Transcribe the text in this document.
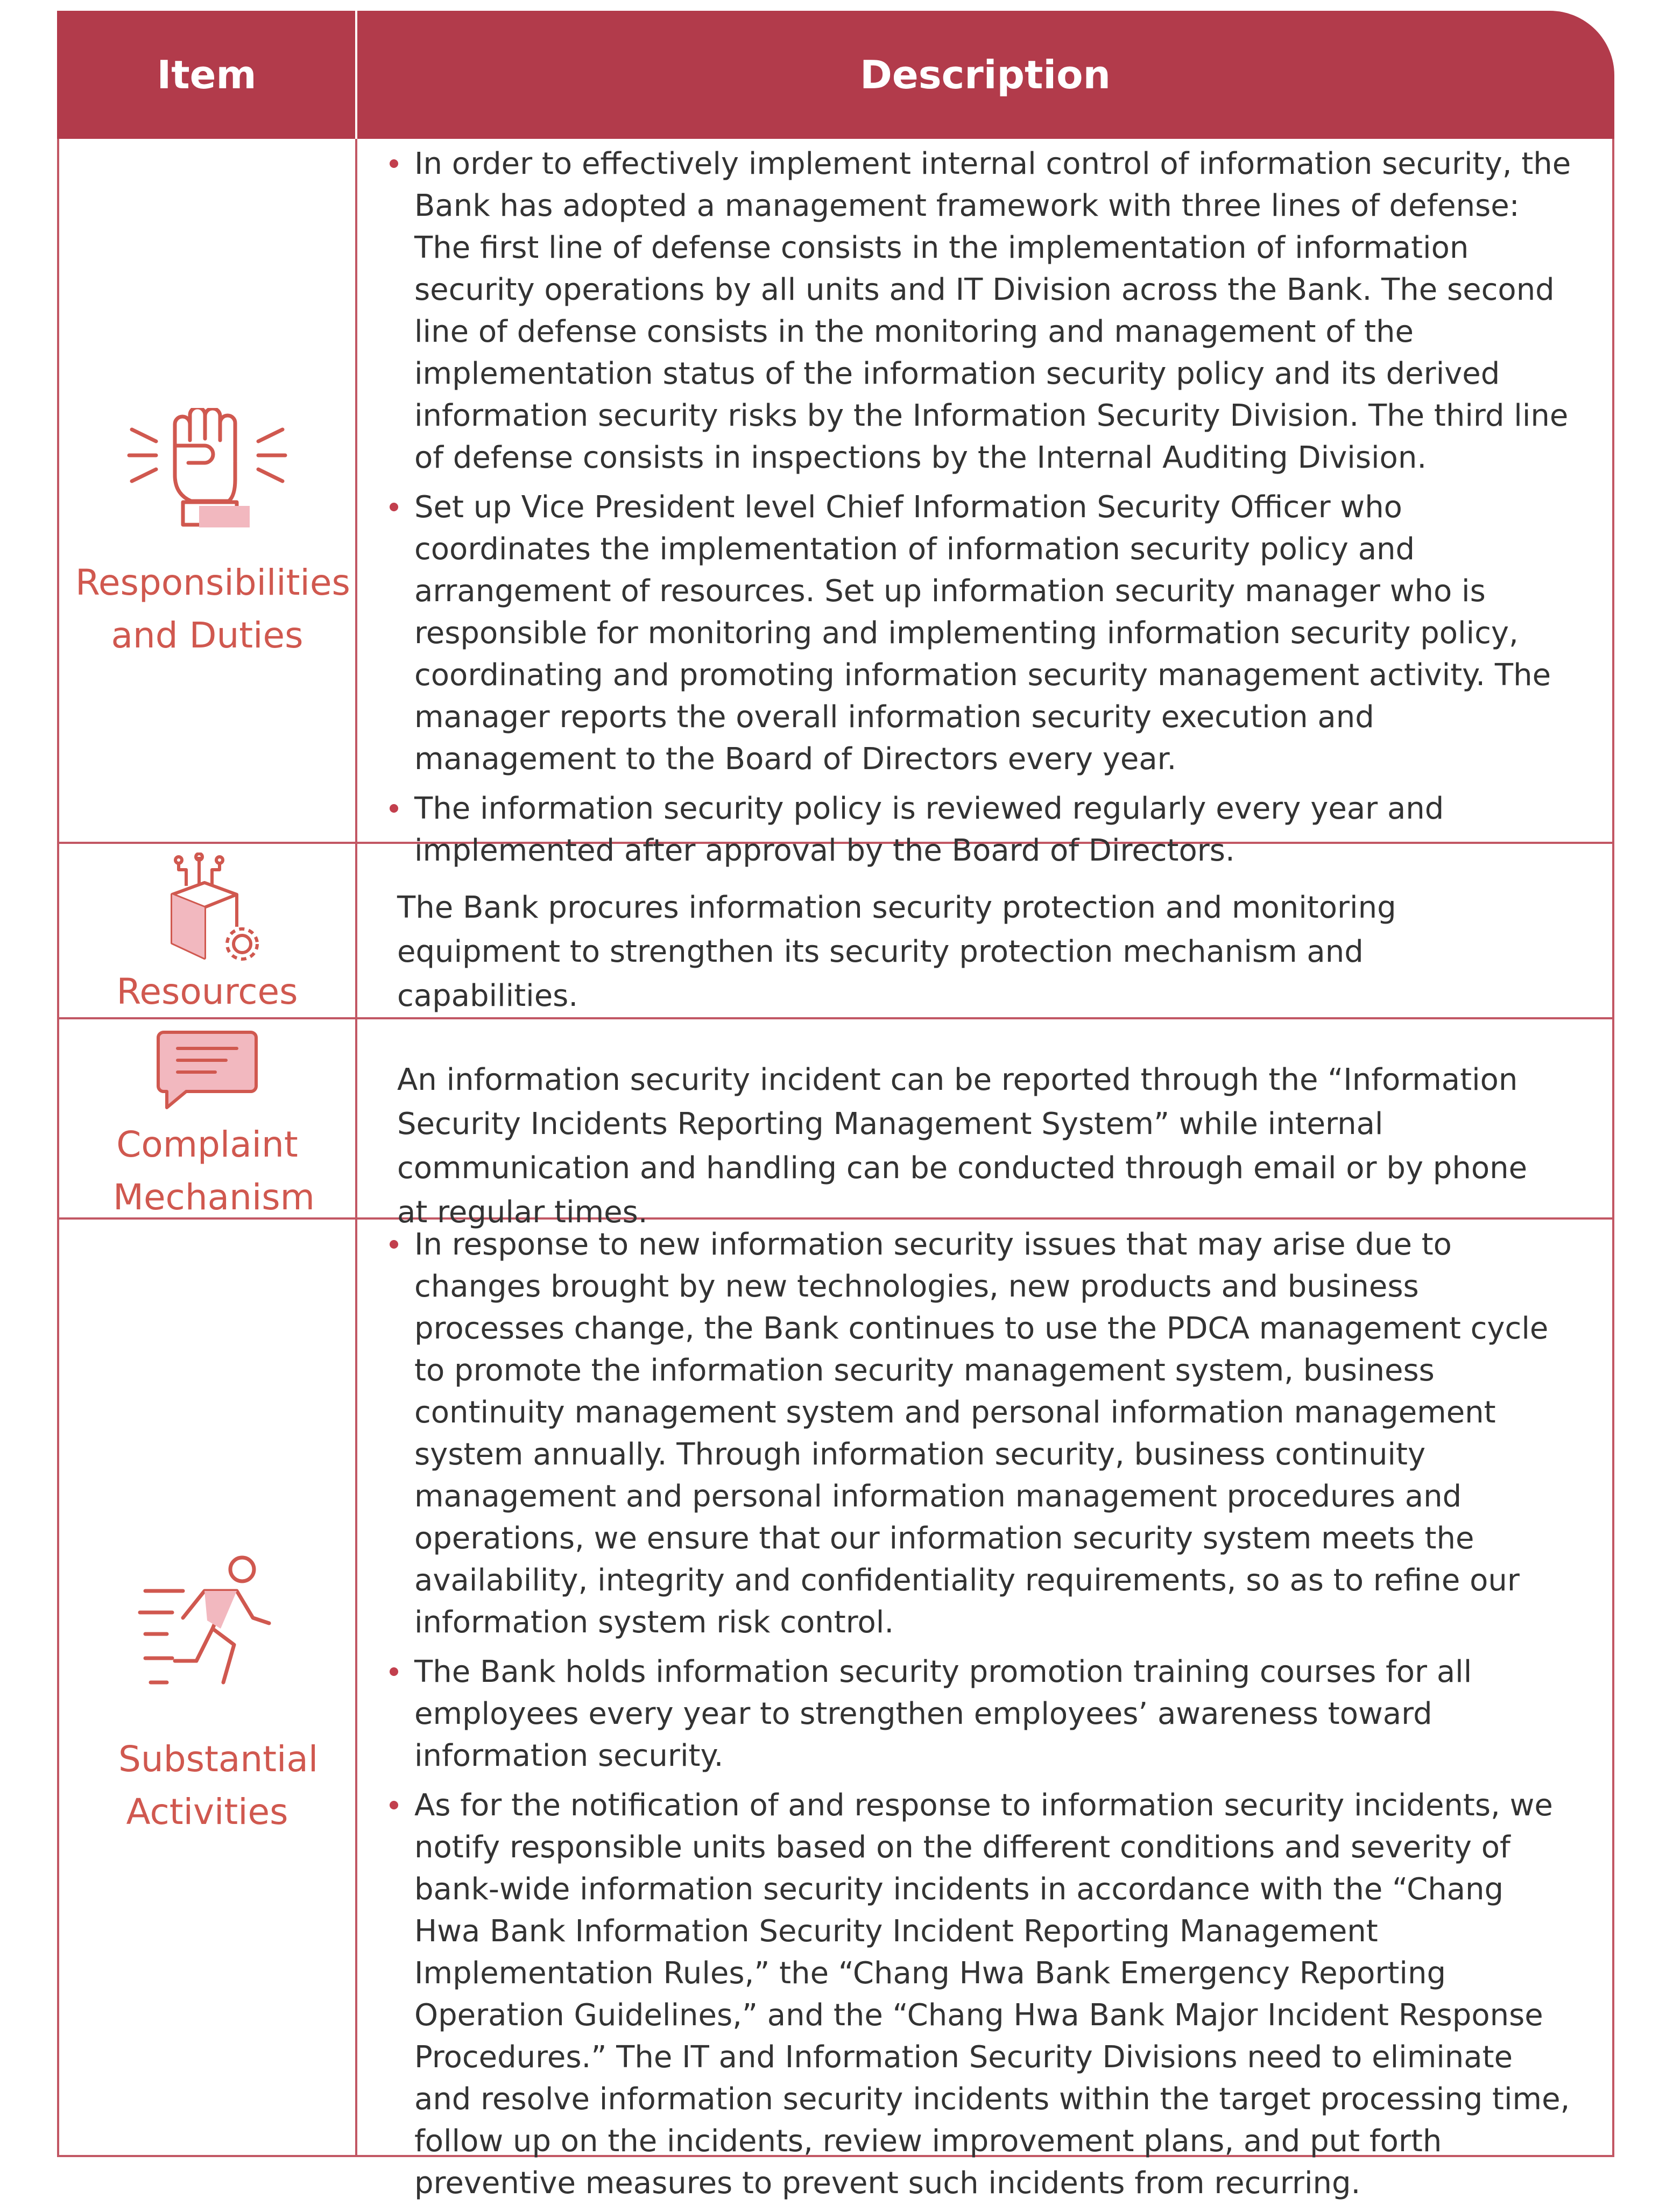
Item	Description
Responsibilities and Duties
In order to effectively implement internal control of information security, the Bank has adopted a management framework with three lines of defense: The first line of defense consists in the implementation of information security operations by all units and IT Division across the Bank. The second line of defense consists in the monitoring and management of the implementation status of the information security policy and its derived information security risks by the Information Security Division. The third line of defense consists in inspections by the Internal Auditing Division.
Set up Vice President level Chief Information Security Officer who coordinates the implementation of information security policy and arrangement of resources. Set up information security manager who is responsible for monitoring and implementing information security policy, coordinating and promoting information security management activity. The manager reports the overall information security execution and management to the Board of Directors every year.
The information security policy is reviewed regularly every year and implemented after approval by the Board of Directors.
Resources

The Bank procures information security protection and monitoring equipment to strengthen its security protection mechanism and capabilities.

Complaint Mechanism

An information security incident can be reported through the “Information Security Incidents Reporting Management System” while internal communication and handling can be conducted through email or by phone at regular times.

Substantial Activities
In response to new information security issues that may arise due to changes brought by new technologies, new products and business processes change, the Bank continues to use the PDCA management cycle to promote the information security management system, business continuity management system and personal information management system annually. Through information security, business continuity management and personal information management procedures and operations, we ensure that our information security system meets the availability, integrity and confidentiality requirements, so as to refine our information system risk control.
The Bank holds information security promotion training courses for all employees every year to strengthen employees’ awareness toward information security.
As for the notification of and response to information security incidents, we notify responsible units based on the different conditions and severity of bank-wide information security incidents in accordance with the “Chang Hwa Bank Information Security Incident Reporting Management Implementation Rules,” the “Chang Hwa Bank Emergency Reporting Operation Guidelines,” and the “Chang Hwa Bank Major Incident Response Procedures.” The IT and Information Security Divisions need to eliminate and resolve information security incidents within the target processing time, follow up on the incidents, review improvement plans, and put forth preventive measures to prevent such incidents from recurring.
